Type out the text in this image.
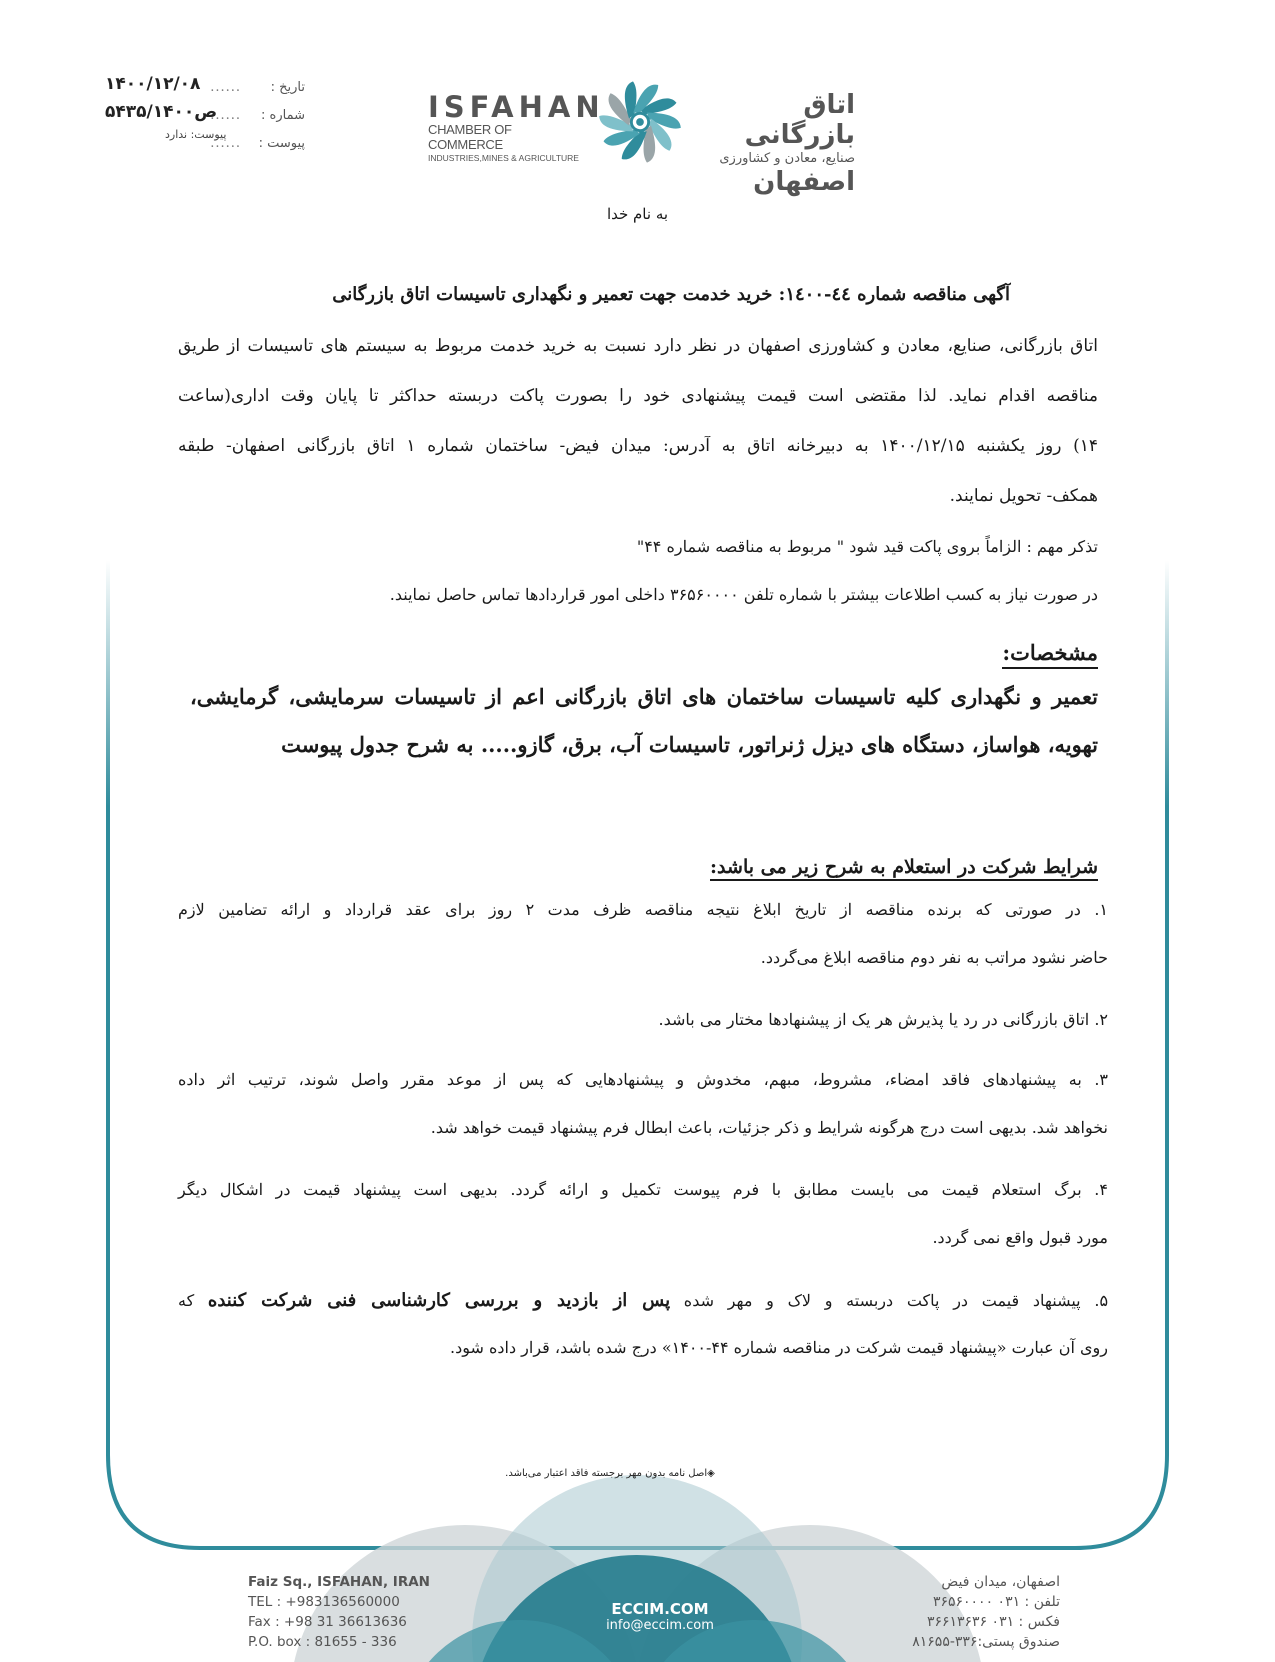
۱۴۰۰/۱۲/۰۸ ...... تاریخ :
۵۴۳۵/ص۱۴۰۰
...... شماره :
...... پیوست :
پیوست: ندارد
ISFAHAN
CHAMBER OF COMMERCE
INDUSTRIES,MINES & AGRICULTURE
اتاق بازرگانی
صنایع، معادن و کشاورزی
اصفهان
به نام خدا
آگهی مناقصه شماره ٤٤-١٤٠٠: خرید خدمت جهت تعمیر و نگهداری تاسیسات اتاق بازرگانی
اتاق بازرگانی، صنایع، معادن و کشاورزی اصفهان در نظر دارد نسبت به خرید خدمت مربوط به سیستم های تاسیسات از طریق
مناقصه اقدام نماید. لذا مقتضی است قیمت پیشنهادی خود را بصورت پاکت دربسته حداکثر تا پایان وقت اداری(ساعت
۱۴) روز یکشنبه ۱۴۰۰/۱۲/۱۵ به دبیرخانه اتاق به آدرس: میدان فیض- ساختمان شماره ۱ اتاق بازرگانی اصفهان- طبقه
همکف- تحویل نمایند.
تذکر مهم : الزاماً بروی پاکت قید شود " مربوط به مناقصه شماره ۴۴"
در صورت نیاز به کسب اطلاعات بیشتر با شماره تلفن ۳۶۵۶۰۰۰۰ داخلی امور قراردادها تماس حاصل نمایند.
مشخصات:
تعمیر و نگهداری کلیه تاسیسات ساختمان های اتاق بازرگانی اعم از تاسیسات سرمایشی، گرمایشی،
تهویه، هواساز، دستگاه های دیزل ژنراتور، تاسیسات آب، برق، گازو..... به شرح جدول پیوست
شرایط شرکت در استعلام به شرح زیر می باشد:
۱. در صورتی که برنده مناقصه از تاریخ ابلاغ نتیجه مناقصه ظرف مدت ۲ روز برای عقد قرارداد و ارائه تضامین لازم
حاضر نشود مراتب به نفر دوم مناقصه ابلاغ می‌گردد.
۲. اتاق بازرگانی در رد یا پذیرش هر یک از پیشنهادها مختار می باشد.
۳. به پیشنهادهای فاقد امضاء، مشروط، مبهم، مخدوش و پیشنهادهایی که پس از موعد مقرر واصل شوند، ترتیب اثر داده
نخواهد شد. بدیهی است درج هرگونه شرایط و ذکر جزئیات، باعث ابطال فرم پیشنهاد قیمت خواهد شد.
۴. برگ استعلام قیمت می بایست مطابق با فرم پیوست تکمیل و ارائه گردد. بدیهی است پیشنهاد قیمت در اشکال دیگر
مورد قبول واقع نمی گردد.
۵. پیشنهاد قیمت در پاکت دربسته و لاک و مهر شده پس از بازدید و بررسی کارشناسی فنی شرکت کننده که
روی آن عبارت «پیشنهاد قیمت شرکت در مناقصه شماره ۴۴-۱۴۰۰» درج شده باشد، قرار داده شود.
◈اصل نامه بدون مهر برجسته فاقد اعتبار می‌باشد.
Faiz Sq., ISFAHAN, IRAN
TEL : +983136560000
Fax : +98 31 36613636
P.O. box : 81655 - 336
ECCIM.COM
info@eccim.com
اصفهان، میدان فیض
تلفن : ۰۳۱ ۳۶۵۶۰۰۰۰
فکس : ۰۳۱ ۳۶۶۱۳۶۳۶
صندوق پستی:۳۳۶-۸۱۶۵۵
